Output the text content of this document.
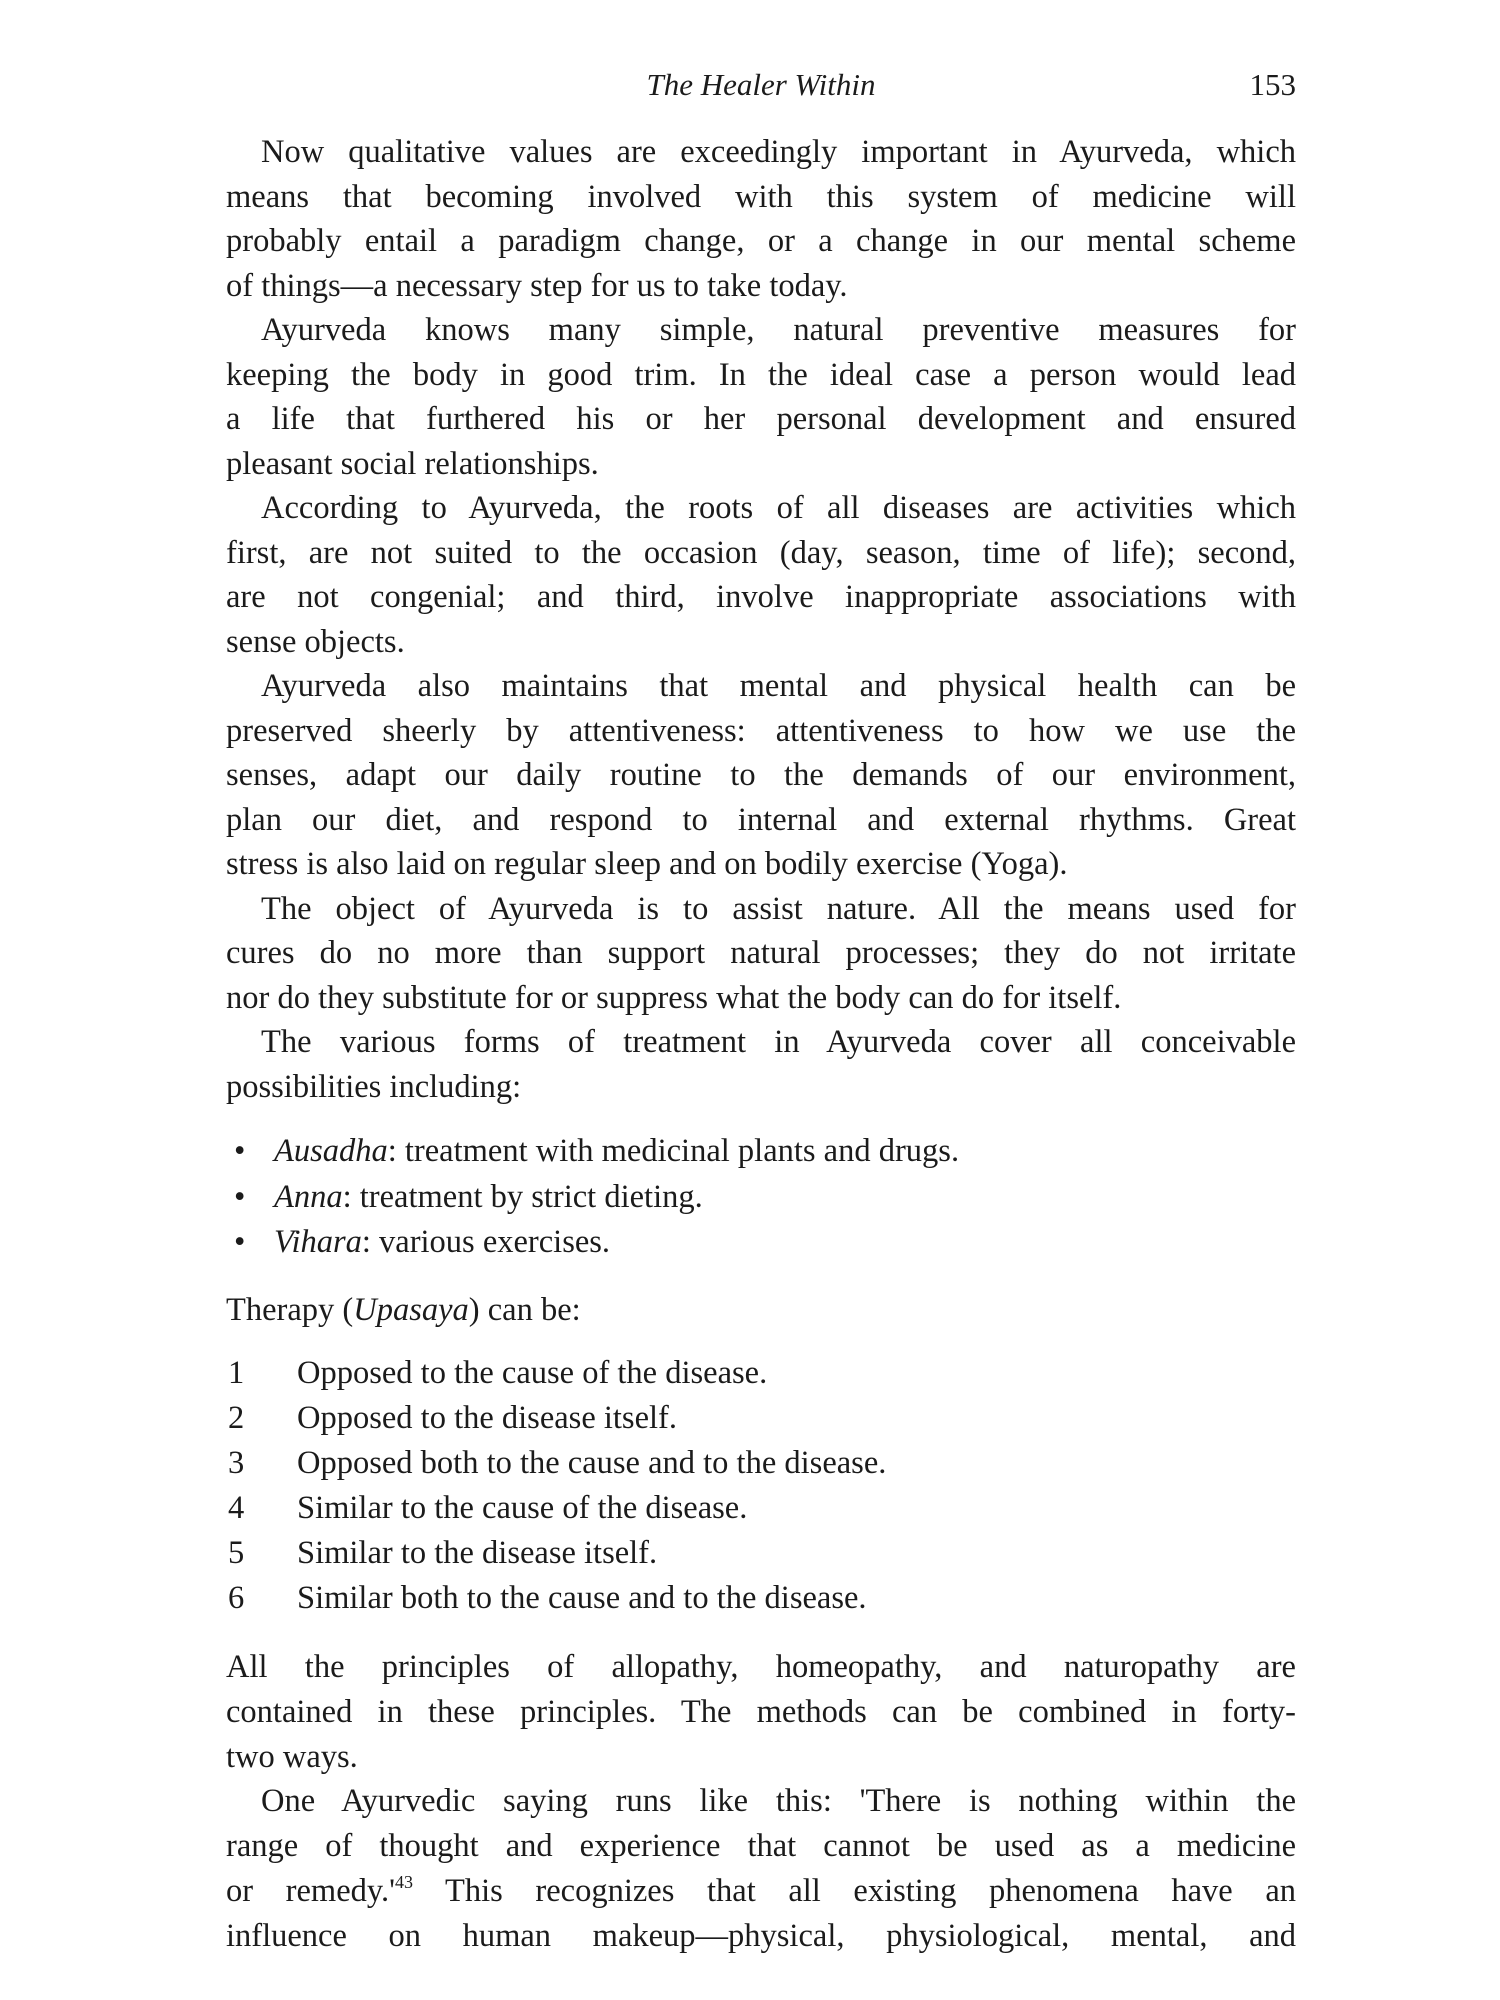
The Healer Within	153
Now qualitative values are exceedingly important in Ayurveda, which
means that becoming involved with this system of medicine will
probably entail a paradigm change, or a change in our mental scheme
of things—a necessary step for us to take today.
Ayurveda knows many simple, natural preventive measures for
keeping the body in good trim. In the ideal case a person would lead
a life that furthered his or her personal development and ensured
pleasant social relationships.
According to Ayurveda, the roots of all diseases are activities which
first, are not suited to the occasion (day, season, time of life); second,
are not congenial; and third, involve inappropriate associations with
sense objects.
Ayurveda also maintains that mental and physical health can be
preserved sheerly by attentiveness: attentiveness to how we use the
senses, adapt our daily routine to the demands of our environment,
plan our diet, and respond to internal and external rhythms. Great
stress is also laid on regular sleep and on bodily exercise (Yoga).
The object of Ayurveda is to assist nature. All the means used for
cures do no more than support natural processes; they do not irritate
nor do they substitute for or suppress what the body can do for itself.
The various forms of treatment in Ayurveda cover all conceivable
possibilities including:
• Ausadha: treatment with medicinal plants and drugs.
• Anna: treatment by strict dieting.
• Vihara: various exercises.
Therapy (Upasaya) can be:
1 Opposed to the cause of the disease.
2 Opposed to the disease itself.
3 Opposed both to the cause and to the disease.
4 Similar to the cause of the disease.
5 Similar to the disease itself.
6 Similar both to the cause and to the disease.
All the principles of allopathy, homeopathy, and naturopathy are
contained in these principles. The methods can be combined in forty-
two ways.
One Ayurvedic saying runs like this: 'There is nothing within the
range of thought and experience that cannot be used as a medicine
or $remedy.'^{43}$ This recognizes that all existing phenomena have an
influence on human makeup—physical, physiological, mental, and
